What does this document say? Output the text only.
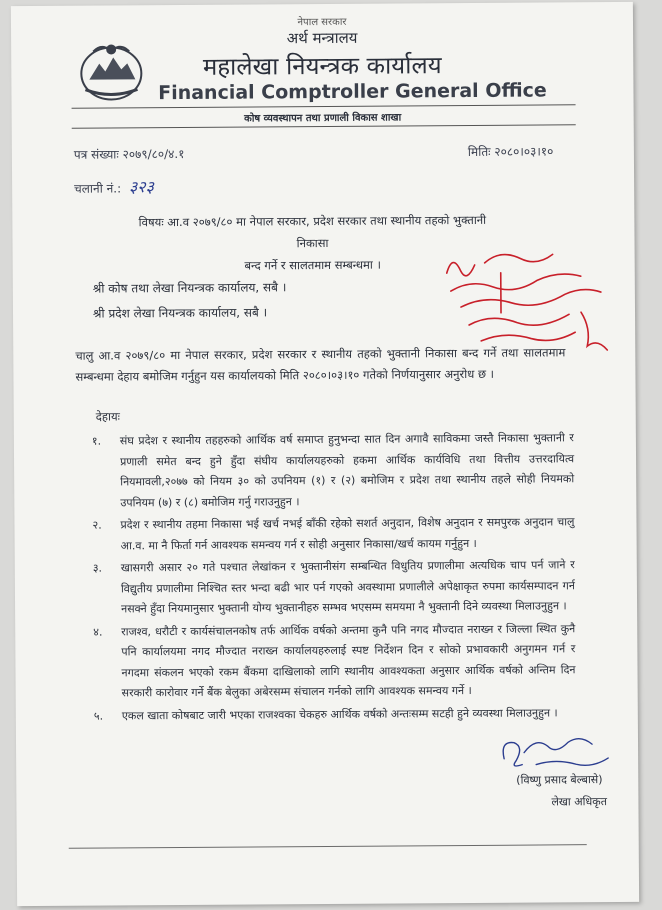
नेपाल सरकार
अर्थ मन्त्रालय
महालेखा नियन्त्रक कार्यालय
Financial Comptroller General Office
कोष व्यवस्थापन तथा प्रणाली विकास शाखा
पत्र संख्याः २०७९/८०/४.१	मितिः २०८०।०३।१०
चलानी नं.: ३२३
विषयः आ.व २०७९/८० मा नेपाल सरकार, प्रदेश सरकार तथा स्थानीय तहको भुक्तानी निकासा
बन्द गर्ने र सालतमाम सम्बन्धमा ।
श्री कोष तथा लेखा नियन्त्रक कार्यालय, सबै ।
श्री प्रदेश लेखा नियन्त्रक कार्यालय, सबै ।
चालु आ.व २०७९/८० मा नेपाल सरकार, प्रदेश सरकार र स्थानीय तहको भुक्तानी निकासा बन्द गर्ने तथा सालतमाम सम्बन्धमा देहाय बमोजिम गर्नुहुन यस कार्यालयको मिति २०८०।०३।१० गतेको निर्णयानुसार अनुरोध छ ।
देहायः
१.	संघ प्रदेश र स्थानीय तहहरुको आर्थिक वर्ष समाप्त हुनुभन्दा सात दिन अगावै साविकमा जस्तै निकासा भुक्तानी र प्रणाली समेत बन्द हुने हुँदा संघीय कार्यालयहरुको हकमा आर्थिक कार्यविधि तथा वित्तीय उत्तरदायित्व नियमावली,२०७७ को नियम ३० को उपनियम (१) र (२) बमोजिम र प्रदेश तथा स्थानीय तहले सोही नियमको उपनियम (७) र (८) बमोजिम गर्नु गराउनुहुन ।
२.	प्रदेश र स्थानीय तहमा निकासा भई खर्च नभई बाँकी रहेको सशर्त अनुदान, विशेष अनुदान र समपुरक अनुदान चालु आ.व. मा नै फिर्ता गर्न आवश्यक समन्वय गर्न र सोही अनुसार निकासा/खर्च कायम गर्नुहुन ।
३.	खासगरी असार २० गते पश्चात लेखांकन र भुक्तानीसंग सम्बन्धित विधुतिय प्रणालीमा अत्यधिक चाप पर्न जाने र विद्युतीय प्रणालीमा निश्चित स्तर भन्दा बढी भार पर्न गएको अवस्थामा प्रणालीले अपेक्षाकृत रुपमा कार्यसम्पादन गर्न नसक्ने हुँदा नियमानुसार भुक्तानी योग्य भुक्तानीहरु सम्भव भएसम्म समयमा नै भुक्तानी दिने व्यवस्था मिलाउनुहुन ।
४.	राजश्व, धरौटी र कार्यसंचालनकोष तर्फ आर्थिक वर्षको अन्तमा कुनै पनि नगद मौज्दात नराख्न र जिल्ला स्थित कुनै पनि कार्यालयमा नगद मौज्दात नराख्न कार्यालयहरुलाई स्पष्ट निर्देशन दिन र सोको प्रभावकारी अनुगमन गर्न र नगदमा संकलन भएको रकम बैंकमा दाखिलाको लागि स्थानीय आवश्यकता अनुसार आर्थिक वर्षको अन्तिम दिन सरकारी कारोवार गर्ने बैंक बेलुका अबेरसम्म संचालन गर्नको लागि आवश्यक समन्वय गर्ने ।
५.	एकल खाता कोषबाट जारी भएका राजश्वका चेकहरु आर्थिक वर्षको अन्तःसम्म सटही हुने व्यवस्था मिलाउनुहुन ।
(विष्णु प्रसाद बेल्बासे)
लेखा अधिकृत
